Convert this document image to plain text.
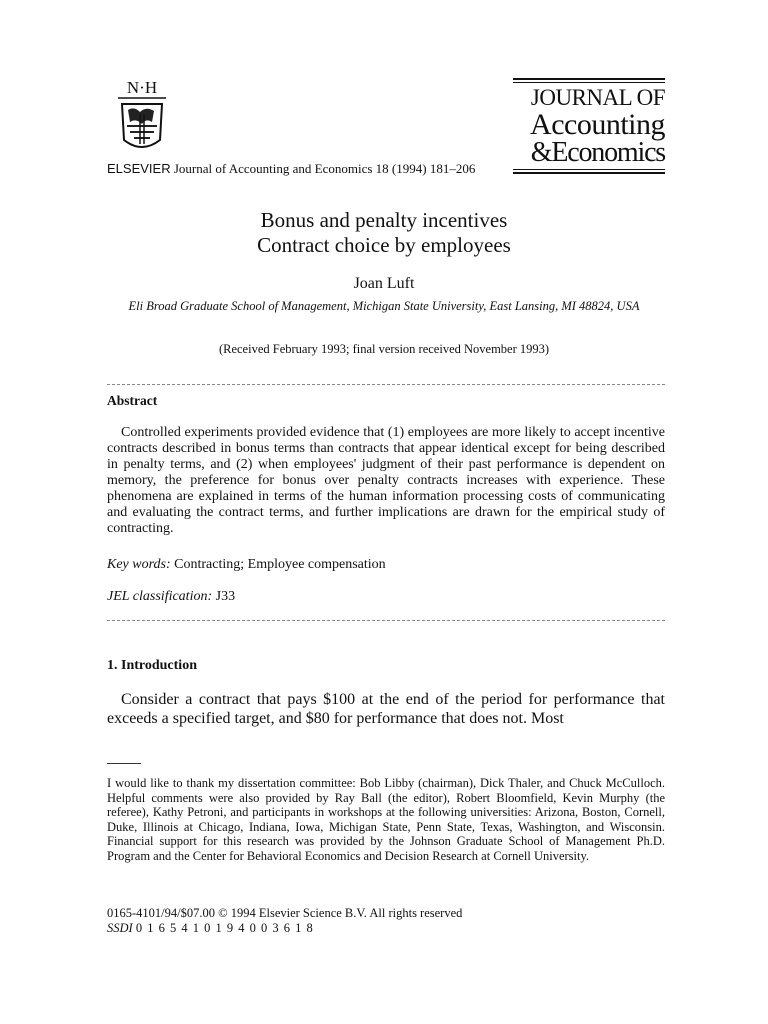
N·H
ELSEVIER Journal of Accounting and Economics 18 (1994) 181–206
JOURNAL OF
Accounting
&Economics
Bonus and penalty incentives
Contract choice by employees
Joan Luft
Eli Broad Graduate School of Management, Michigan State University, East Lansing, MI 48824, USA
(Received February 1993; final version received November 1993)
Abstract
Controlled experiments provided evidence that (1) employees are more likely to accept incentive contracts described in bonus terms than contracts that appear identical except for being described in penalty terms, and (2) when employees' judgment of their past performance is dependent on memory, the preference for bonus over penalty contracts increases with experience. These phenomena are explained in terms of the human information processing costs of communicating and evaluating the contract terms, and further implications are drawn for the empirical study of contracting.
Key words: Contracting; Employee compensation
JEL classification: J33
1. Introduction
Consider a contract that pays $100 at the end of the period for performance that exceeds a specified target, and $80 for performance that does not. Most
I would like to thank my dissertation committee: Bob Libby (chairman), Dick Thaler, and Chuck McCulloch. Helpful comments were also provided by Ray Ball (the editor), Robert Bloomfield, Kevin Murphy (the referee), Kathy Petroni, and participants in workshops at the following universities: Arizona, Boston, Cornell, Duke, Illinois at Chicago, Indiana, Iowa, Michigan State, Penn State, Texas, Washington, and Wisconsin. Financial support for this research was provided by the Johnson Graduate School of Management Ph.D. Program and the Center for Behavioral Economics and Decision Research at Cornell University.
0165-4101/94/$07.00 © 1994 Elsevier Science B.V. All rights reserved
SSDI 0 1 6 5 4 1 0 1 9 4 0 0 3 6 1 8
